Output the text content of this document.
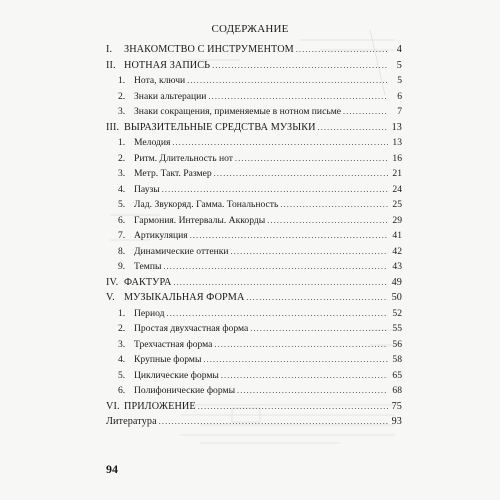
СОДЕРЖАНИЕ
I.	ЗНАКОМСТВО С ИНСТРУМЕНТОМ .....	4
II. НОТНАЯ ЗАПИСЬ .....	5
1. Нота, ключи .....	5
2. Знаки альтерации .....	6
3. Знаки сокращения, применяемые в нотном письме .....	7
III. ВЫРАЗИТЕЛЬНЫЕ СРЕДСТВА МУЗЫКИ .....	13
1. Мелодия .....	13
2. Ритм. Длительность нот .....	16
3. Метр. Такт. Размер .....	21
4. Паузы .....	24
5. Лад. Звукоряд. Гамма. Тональность .....	25
6. Гармония. Интервалы. Аккорды .....	29
7. Артикуляция .....	41
8. Динамические оттенки .....	42
9. Темпы .....	43
IV. ФАКТУРА .....	49
V. МУЗЫКАЛЬНАЯ ФОРМА .....	50
1. Период .....	52
2. Простая двухчастная форма .....	55
3. Трехчастная форма .....	56
4. Крупные формы .....	58
5. Циклические формы .....	65
6. Полифонические формы .....	68
VI. ПРИЛОЖЕНИЕ .....	75
Литература .....	93
94
